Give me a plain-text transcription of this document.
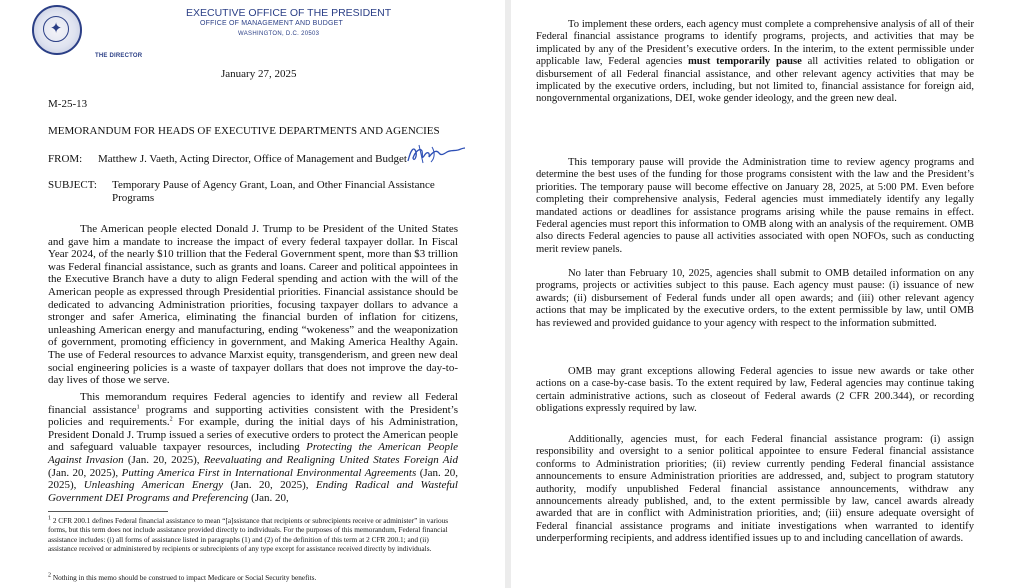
✦
THE DIRECTOR
EXECUTIVE OFFICE OF THE PRESIDENT
OFFICE OF MANAGEMENT AND BUDGET
WASHINGTON, D.C. 20503
January 27, 2025
M-25-13
MEMORANDUM FOR HEADS OF EXECUTIVE DEPARTMENTS AND AGENCIES
FROM: Matthew J. Vaeth, Acting Director, Office of Management and Budget
SUBJECT: Temporary Pause of Agency Grant, Loan, and Other Financial Assistance Programs
The American people elected Donald J. Trump to be President of the United States and gave him a mandate to increase the impact of every federal taxpayer dollar. In Fiscal Year 2024, of the nearly $10 trillion that the Federal Government spent, more than $3 trillion was Federal financial assistance, such as grants and loans. Career and political appointees in the Executive Branch have a duty to align Federal spending and action with the will of the American people as expressed through Presidential priorities. Financial assistance should be dedicated to advancing Administration priorities, focusing taxpayer dollars to advance a stronger and safer America, eliminating the financial burden of inflation for citizens, unleashing American energy and manufacturing, ending “wokeness” and the weaponization of government, promoting efficiency in government, and Making America Healthy Again. The use of Federal resources to advance Marxist equity, transgenderism, and green new deal social engineering policies is a waste of taxpayer dollars that does not improve the day-to-day lives of those we serve.
This memorandum requires Federal agencies to identify and review all Federal financial assistance$^1$ programs and supporting activities consistent with the President’s policies and requirements.$^2$ For example, during the initial days of his Administration, President Donald J. Trump issued a series of executive orders to protect the American people and safeguard valuable taxpayer resources, including Protecting the American People Against Invasion (Jan. 20, 2025), Reevaluating and Realigning United States Foreign Aid (Jan. 20, 2025), Putting America First in International Environmental Agreements (Jan. 20, 2025), Unleashing American Energy (Jan. 20, 2025), Ending Radical and Wasteful Government DEI Programs and Preferencing (Jan. 20,
$^1$ 2 CFR 200.1 defines Federal financial assistance to mean “[a]ssistance that recipients or subrecipients receive or administer” in various forms, but this term does not include assistance provided directly to individuals. For the purposes of this memorandum, Federal financial assistance includes: (i) all forms of assistance listed in paragraphs (1) and (2) of the definition of this term at 2 CFR 200.1; and (ii) assistance received or administered by recipients or subrecipients of any type except for assistance received directly by individuals.
$^2$ Nothing in this memo should be construed to impact Medicare or Social Security benefits.
To implement these orders, each agency must complete a comprehensive analysis of all of their Federal financial assistance programs to identify programs, projects, and activities that may be implicated by any of the President’s executive orders. In the interim, to the extent permissible under applicable law, Federal agencies must temporarily pause all activities related to obligation or disbursement of all Federal financial assistance, and other relevant agency activities that may be implicated by the executive orders, including, but not limited to, financial assistance for foreign aid, nongovernmental organizations, DEI, woke gender ideology, and the green new deal.
This temporary pause will provide the Administration time to review agency programs and determine the best uses of the funding for those programs consistent with the law and the President’s priorities. The temporary pause will become effective on January 28, 2025, at 5:00 PM. Even before completing their comprehensive analysis, Federal agencies must immediately identify any legally mandated actions or deadlines for assistance programs arising while the pause remains in effect. Federal agencies must report this information to OMB along with an analysis of the requirement. OMB also directs Federal agencies to pause all activities associated with open NOFOs, such as conducting merit review panels.
No later than February 10, 2025, agencies shall submit to OMB detailed information on any programs, projects or activities subject to this pause. Each agency must pause: (i) issuance of new awards; (ii) disbursement of Federal funds under all open awards; and (iii) other relevant agency actions that may be implicated by the executive orders, to the extent permissible by law, until OMB has reviewed and provided guidance to your agency with respect to the information submitted.
OMB may grant exceptions allowing Federal agencies to issue new awards or take other actions on a case-by-case basis. To the extent required by law, Federal agencies may continue taking certain administrative actions, such as closeout of Federal awards (2 CFR 200.344), or recording obligations expressly required by law.
Additionally, agencies must, for each Federal financial assistance program: (i) assign responsibility and oversight to a senior political appointee to ensure Federal financial assistance conforms to Administration priorities; (ii) review currently pending Federal financial assistance announcements to ensure Administration priorities are addressed, and, subject to program statutory authority, modify unpublished Federal financial assistance announcements, withdraw any announcements already published, and, to the extent permissible by law, cancel awards already awarded that are in conflict with Administration priorities, and; (iii) ensure adequate oversight of Federal financial assistance programs and initiate investigations when warranted to identify underperforming recipients, and address identified issues up to and including cancellation of awards.
